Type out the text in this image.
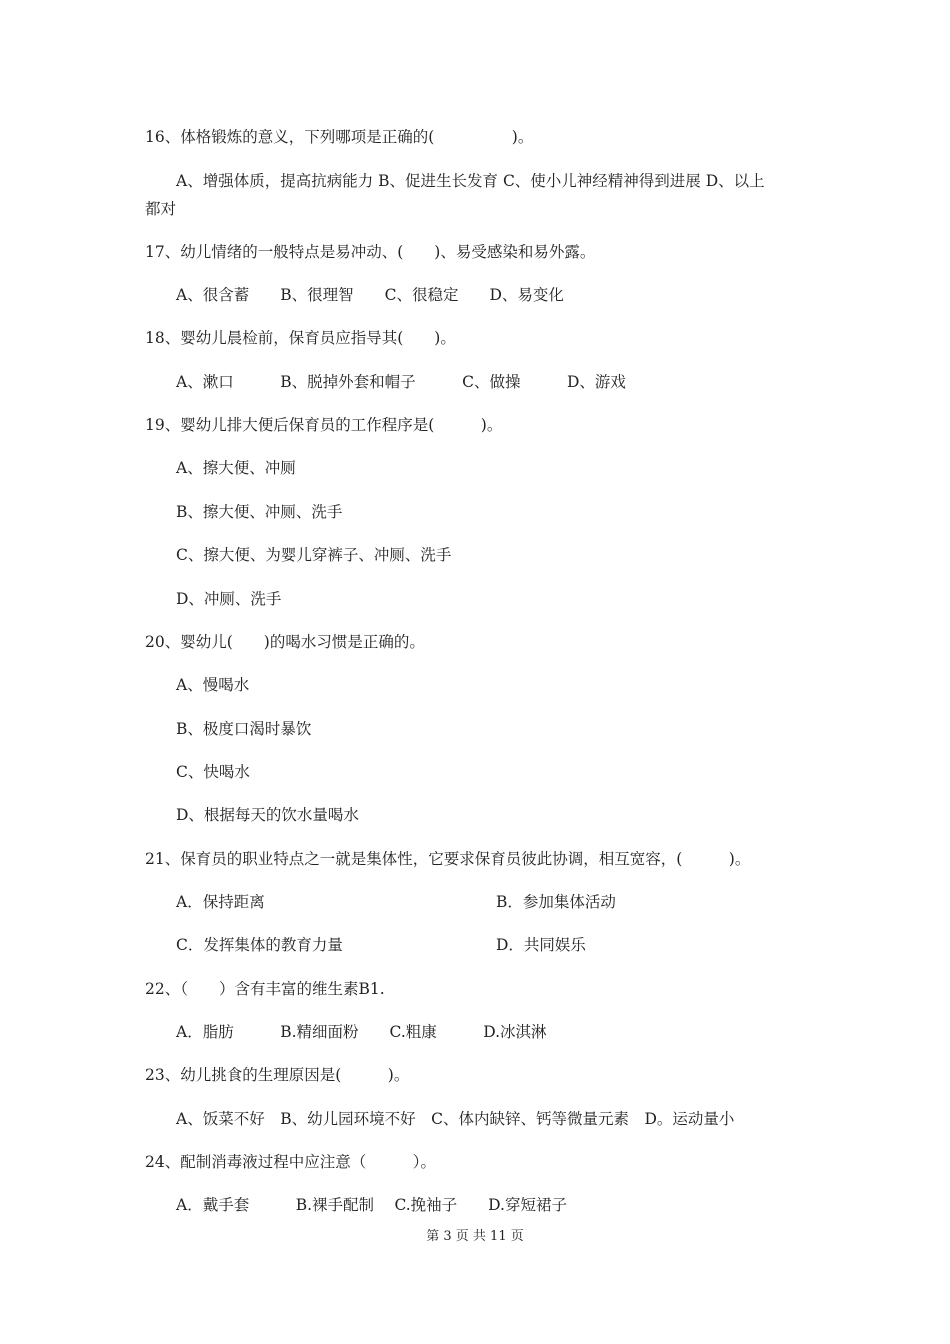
16、体格锻炼的意义，下列哪项是正确的(　　　　　)。
A、增强体质，提高抗病能力 B、促进生长发育 C、使小儿神经精神得到进展 D、以上
都对
17、幼儿情绪的一般特点是易冲动、(　　)、易受感染和易外露。
A、很含蓄　　B、很理智　　C、很稳定　　D、易变化
18、婴幼儿晨检前，保育员应指导其(　　)。
A、漱口　　　B、脱掉外套和帽子　　　C、做操　　　D、游戏
19、婴幼儿排大便后保育员的工作程序是(　　　)。
A、擦大便、冲厕
B、擦大便、冲厕、洗手
C、擦大便、为婴儿穿裤子、冲厕、洗手
D、冲厕、洗手
20、婴幼儿(　　)的喝水习惯是正确的。
A、慢喝水
B、极度口渴时暴饮
C、快喝水
D、根据每天的饮水量喝水
21、保育员的职业特点之一就是集体性，它要求保育员彼此协调，相互宽容，(　　　)。
A．保持距离	B．参加集体活动
C．发挥集体的教育力量	D．共同娱乐
22、（　　）含有丰富的维生素B1.
A．脂肪　　　B.精细面粉　　C.粗康　　　D.冰淇淋
23、幼儿挑食的生理原因是(　　　)。
A、饭菜不好　B、幼儿园环境不好　C、体内缺锌、钙等微量元素　D。运动量小
24、配制消毒液过程中应注意（　　　）。
A．戴手套　　　B.裸手配制　 C.挽袖子　　D.穿短裙子
第 3 页 共 11 页
